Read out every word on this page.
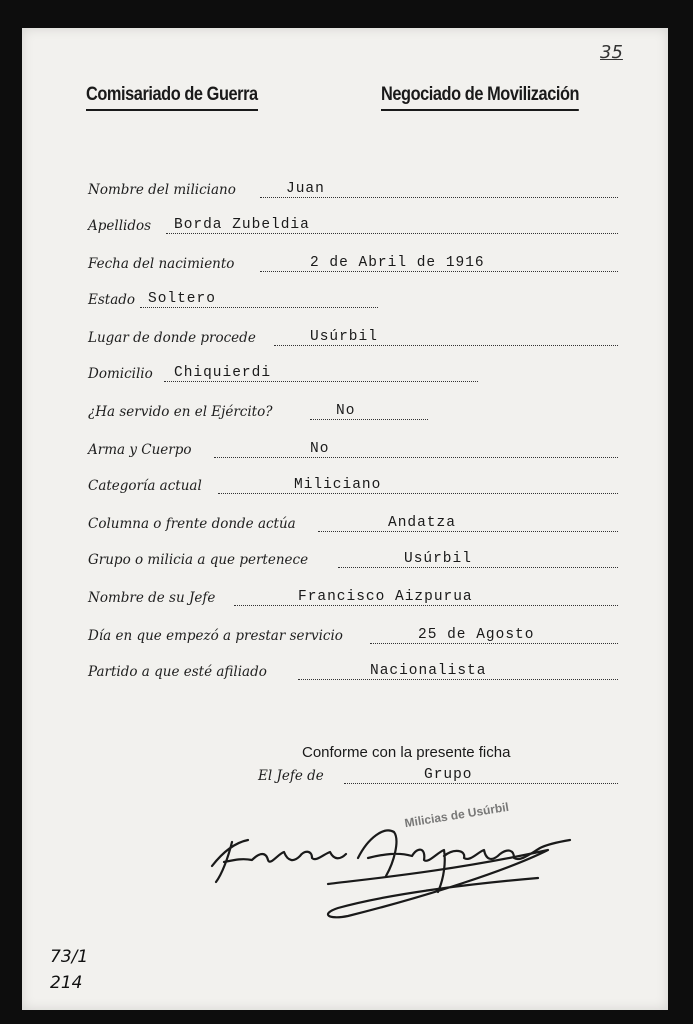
35
Comisariado de Guerra	Negociado de Movilización
Nombre del miliciano	Juan
Apellidos Borda Zubeldia
Fecha del nacimiento	2 de Abril de 1916
Estado Soltero
Lugar de donde procede	Usúrbil
Domicilio Chiquierdi
¿Ha servido en el Ejército?	No
Arma y Cuerpo	No
Categoría actual	Miliciano
Columna o frente donde actúa	Andatza
Grupo o milicia a que pertenece	Usúrbil
Nombre de su Jefe	Francisco Aizpurua
Día en que empezó a prestar servicio	25 de Agosto
Partido a que esté afiliado	Nacionalista
Conforme con la presente ficha
El Jefe de	Grupo
Milicias de Usúrbil
73/1
214
